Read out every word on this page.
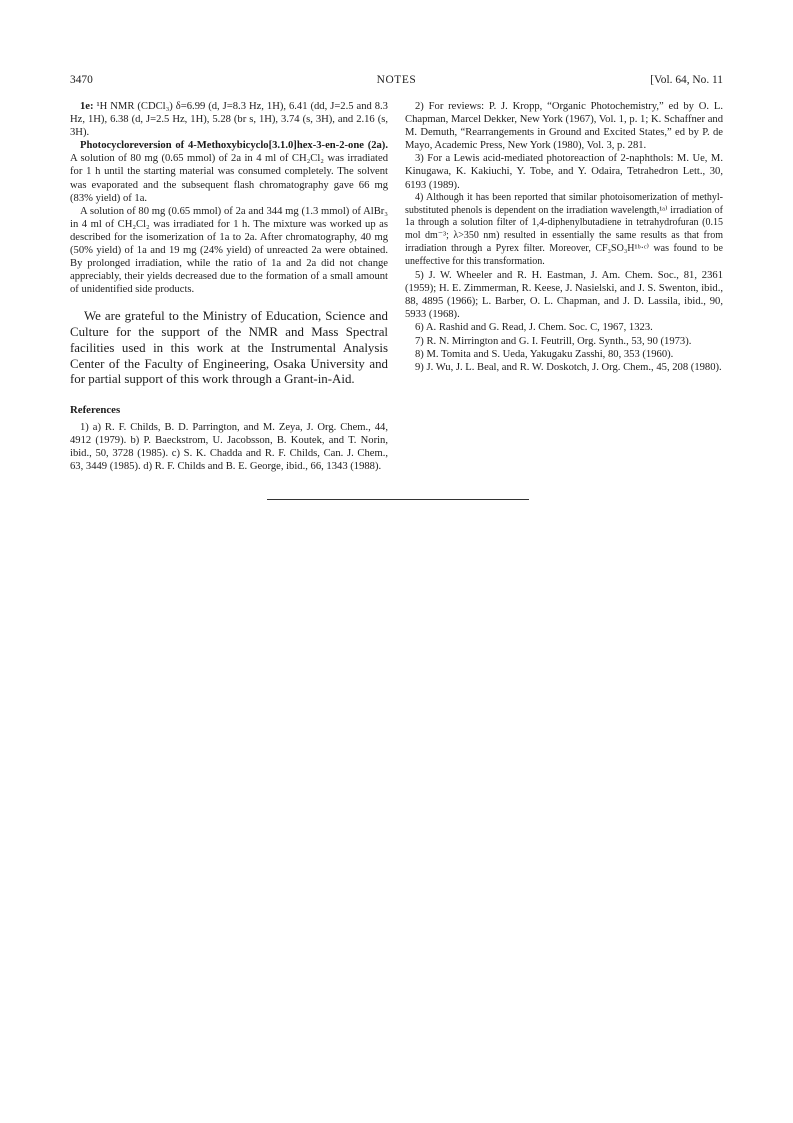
3470	NOTES	[Vol. 64, No. 11

1e: ¹H NMR (CDCl₃) δ=6.99 (d, J=8.3 Hz, 1H), 6.41 (dd, J=2.5 and 8.3 Hz, 1H), 6.38 (d, J=2.5 Hz, 1H), 5.28 (br s, 1H), 3.74 (s, 3H), and 2.16 (s, 3H).

Photocycloreversion of 4-Methoxybicyclo[3.1.0]hex-3-en-2-one (2a). A solution of 80 mg (0.65 mmol) of 2a in 4 ml of CH₂Cl₂ was irradiated for 1 h until the starting material was consumed completely. The solvent was evaporated and the subsequent flash chromatography gave 66 mg (83% yield) of 1a.

A solution of 80 mg (0.65 mmol) of 2a and 344 mg (1.3 mmol) of AlBr₃ in 4 ml of CH₂Cl₂ was irradiated for 1 h. The mixture was worked up as described for the isomerization of 1a to 2a. After chromatography, 40 mg (50% yield) of 1a and 19 mg (24% yield) of unreacted 2a were obtained. By prolonged irradiation, while the ratio of 1a and 2a did not change appreciably, their yields decreased due to the formation of a small amount of unidentified side products.

We are grateful to the Ministry of Education, Science and Culture for the support of the NMR and Mass Spectral facilities used in this work at the Instrumental Analysis Center of the Faculty of Engineering, Osaka University and for partial support of this work through a Grant-in-Aid.

References

1) a) R. F. Childs, B. D. Parrington, and M. Zeya, J. Org. Chem., 44, 4912 (1979). b) P. Baeckstrom, U. Jacobsson, B. Koutek, and T. Norin, ibid., 50, 3728 (1985). c) S. K. Chadda and R. F. Childs, Can. J. Chem., 63, 3449 (1985). d) R. F. Childs and B. E. George, ibid., 66, 1343 (1988).

2) For reviews: P. J. Kropp, “Organic Photochemistry,” ed by O. L. Chapman, Marcel Dekker, New York (1967), Vol. 1, p. 1; K. Schaffner and M. Demuth, “Rearrangements in Ground and Excited States,” ed by P. de Mayo, Academic Press, New York (1980), Vol. 3, p. 281.

3) For a Lewis acid-mediated photoreaction of 2-naphthols: M. Ue, M. Kinugawa, K. Kakiuchi, Y. Tobe, and Y. Odaira, Tetrahedron Lett., 30, 6193 (1989).

4) Although it has been reported that similar photoisomerization of methyl-substituted phenols is dependent on the irradiation wavelength,¹ᵃ⁾ irradiation of 1a through a solution filter of 1,4-diphenylbutadiene in tetrahydrofuran (0.15 mol dm⁻³; λ>350 nm) resulted in essentially the same results as that from irradiation through a Pyrex filter. Moreover, CF₃SO₃H¹ᵇ·ᶜ⁾ was found to be uneffective for this transformation.

5) J. W. Wheeler and R. H. Eastman, J. Am. Chem. Soc., 81, 2361 (1959); H. E. Zimmerman, R. Keese, J. Nasielski, and J. S. Swenton, ibid., 88, 4895 (1966); L. Barber, O. L. Chapman, and J. D. Lassila, ibid., 90, 5933 (1968).

6) A. Rashid and G. Read, J. Chem. Soc. C, 1967, 1323.

7) R. N. Mirrington and G. I. Feutrill, Org. Synth., 53, 90 (1973).

8) M. Tomita and S. Ueda, Yakugaku Zasshi, 80, 353 (1960).

9) J. Wu, J. L. Beal, and R. W. Doskotch, J. Org. Chem., 45, 208 (1980).
